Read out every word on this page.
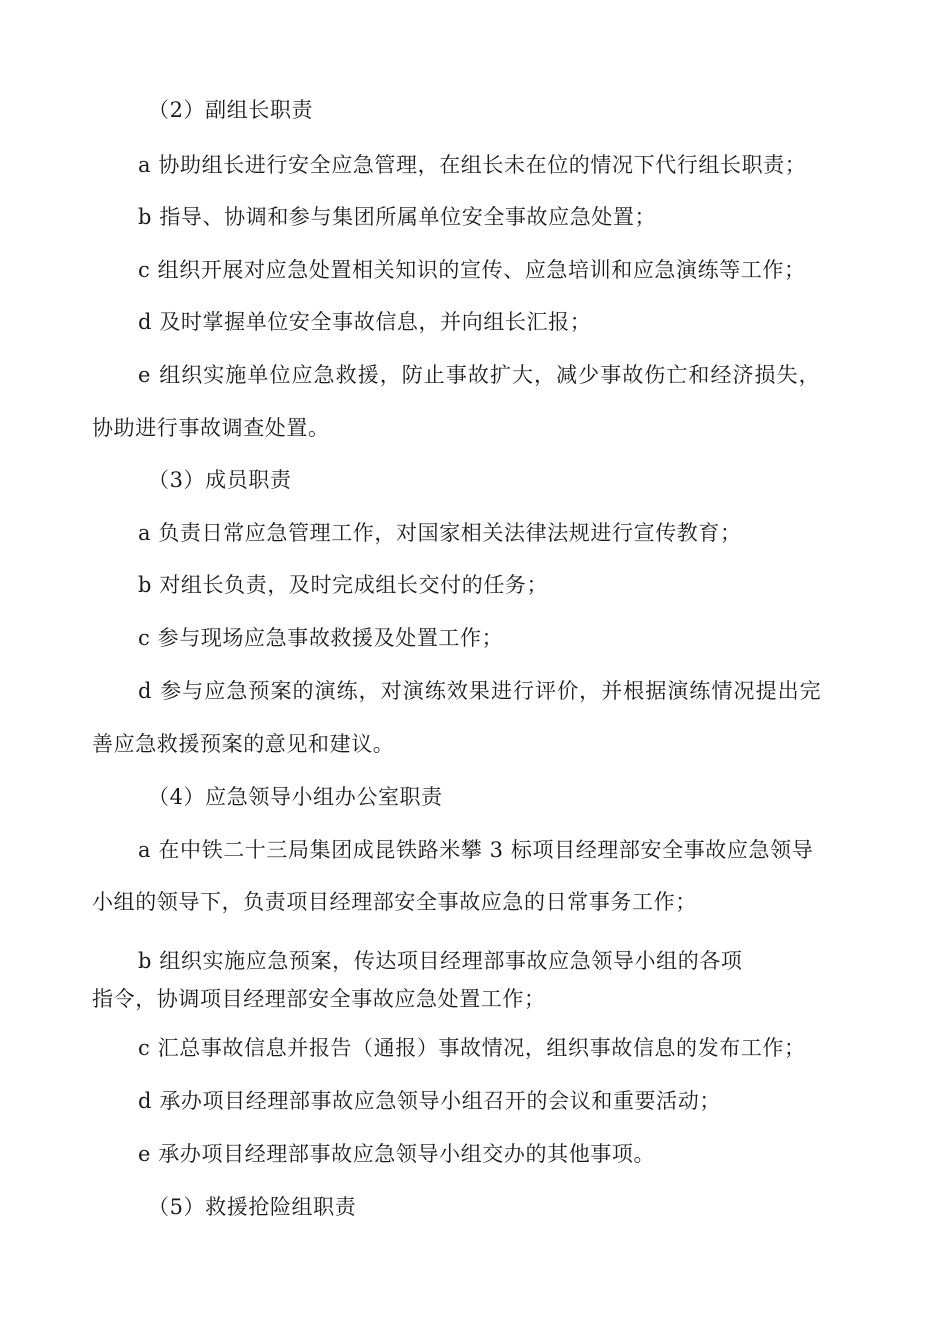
（2）副组长职责
a 协助组长进行安全应急管理，在组长未在位的情况下代行组长职责；
b 指导、协调和参与集团所属单位安全事故应急处置；
c 组织开展对应急处置相关知识的宣传、应急培训和应急演练等工作；
d 及时掌握单位安全事故信息，并向组长汇报；
e 组织实施单位应急救援，防止事故扩大，减少事故伤亡和经济损失，
协助进行事故调查处置。
（3）成员职责
a 负责日常应急管理工作，对国家相关法律法规进行宣传教育；
b 对组长负责，及时完成组长交付的任务；
c 参与现场应急事故救援及处置工作；
d 参与应急预案的演练，对演练效果进行评价，并根据演练情况提出完
善应急救援预案的意见和建议。
（4）应急领导小组办公室职责
a 在中铁二十三局集团成昆铁路米攀 3 标项目经理部安全事故应急领导
小组的领导下，负责项目经理部安全事故应急的日常事务工作；
b 组织实施应急预案，传达项目经理部事故应急领导小组的各项
指令，协调项目经理部安全事故应急处置工作；
c 汇总事故信息并报告（通报）事故情况，组织事故信息的发布工作；
d 承办项目经理部事故应急领导小组召开的会议和重要活动；
e 承办项目经理部事故应急领导小组交办的其他事项。
（5）救援抢险组职责
